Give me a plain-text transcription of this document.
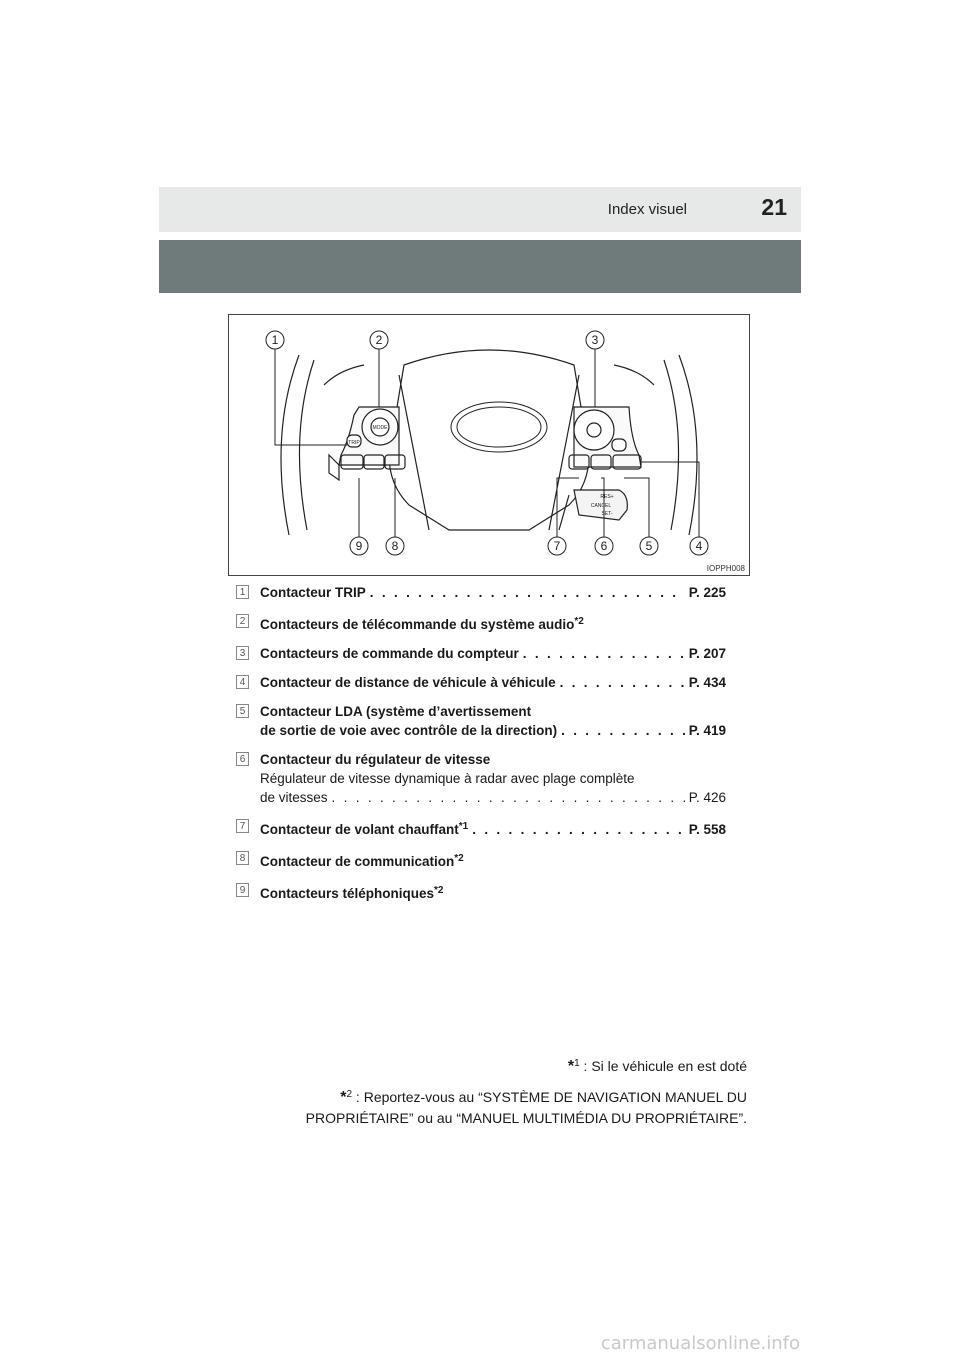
Index visuel	21
TRIP
MODE
RES+
CANCEL
SET-
1	2	3
4
5
6
7
8
9
IOPPH008
1 Contacteur TRIP . . .	P. 225
2 Contacteurs de télécommande du système audio$^{*2}$
3 Contacteurs de commande du compteur . . .	P. 207
4 Contacteur de distance de véhicule à véhicule . . .	P. 434
5 Contacteur LDA (système d’avertissement
de sortie de voie avec contrôle de la direction) . . .	P. 419
6 Contacteur du régulateur de vitesse
Régulateur de vitesse dynamique à radar avec plage complète
de vitesses . . .	P. 426
7 Contacteur de volant chauffant$^{*1}$ . . .	P. 558
8 Contacteur de communication$^{*2}$
9 Contacteurs téléphoniques$^{*2}$
*$^1$ : Si le véhicule en est doté
*$^2$ : Reportez-vous au “SYSTÈME DE NAVIGATION MANUEL DU
PROPRIÉTAIRE” ou au “MANUEL MULTIMÉDIA DU PROPRIÉTAIRE”.
carmanualsonline.info
